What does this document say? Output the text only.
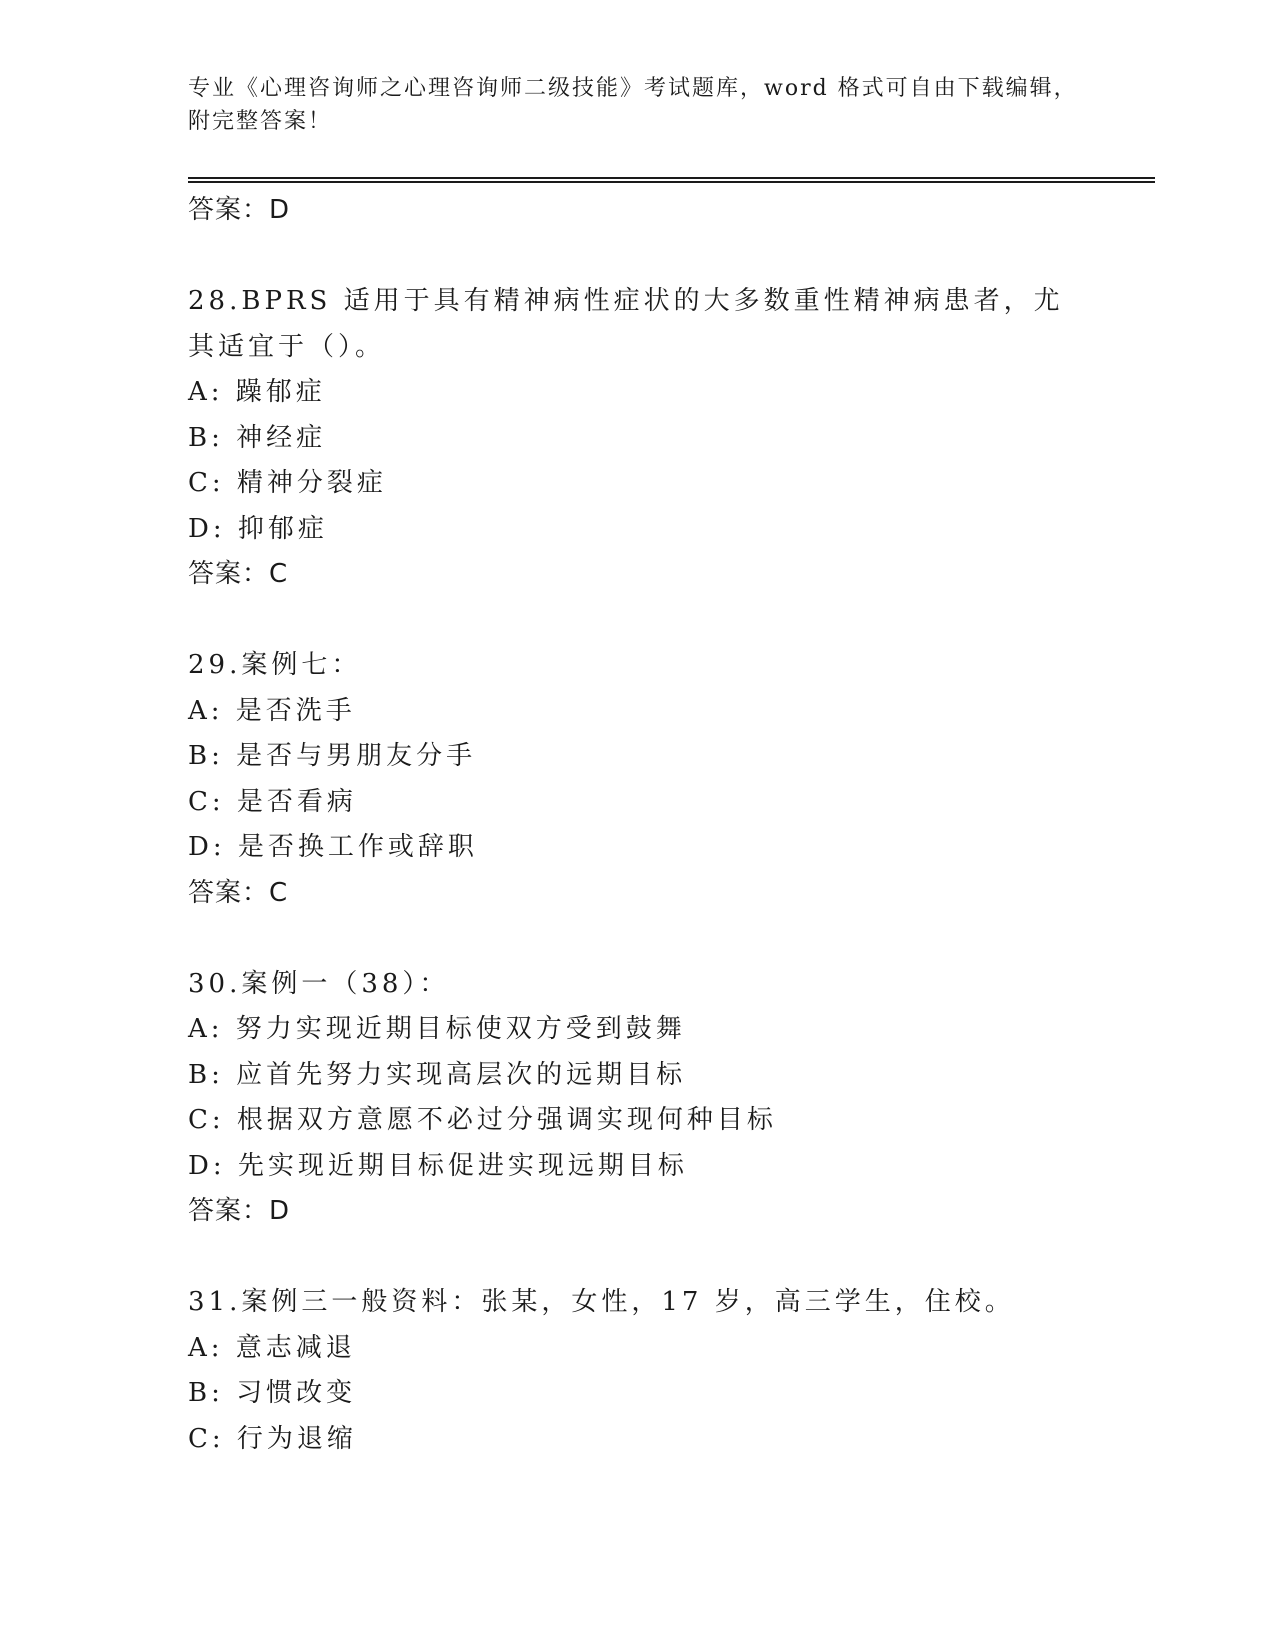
专业《心理咨询师之心理咨询师二级技能》考试题库，word 格式可自由下载编辑，附完整答案！
答案：D
28.BPRS 适用于具有精神病性症状的大多数重性精神病患者，尤其适宜于（）。
A: 躁郁症
B: 神经症
C: 精神分裂症
D: 抑郁症
答案：C
29.案例七：
A: 是否洗手
B: 是否与男朋友分手
C: 是否看病
D: 是否换工作或辞职
答案：C
30.案例一（38）：
A: 努力实现近期目标使双方受到鼓舞
B: 应首先努力实现高层次的远期目标
C: 根据双方意愿不必过分强调实现何种目标
D: 先实现近期目标促进实现远期目标
答案：D
31.案例三一般资料：张某，女性，17 岁，高三学生，住校。
A: 意志减退
B: 习惯改变
C: 行为退缩
